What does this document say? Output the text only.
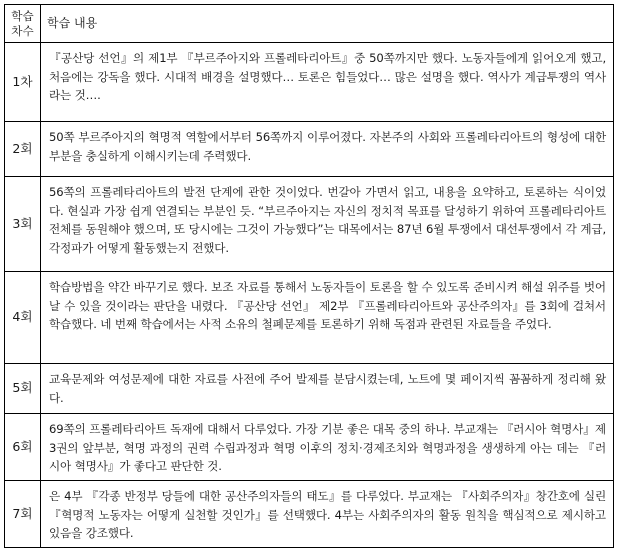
학습
차수	학습 내용
1차	『공산당 선언』의 제1부 『부르주아지와 프롤레타리아트』중 50쪽까지만 했다. 노동자들에게 읽어오게 했고, 처음에는 강독을 했다. 시대적 배경을 설명했다… 토론은 힘들었다… 많은 설명을 했다. 역사가 계급투쟁의 역사라는 것….
2회	50쪽 부르주아지의 혁명적 역할에서부터 56쪽까지 이루어졌다. 자본주의 사회와 프롤레타리아트의 형성에 대한 부분을 충실하게 이해시키는데 주력했다.
3회	56쪽의 프롤레타리아트의 발전 단계에 관한 것이었다. 번갈아 가면서 읽고, 내용을 요약하고, 토론하는 식이었다. 현실과 가장 쉽게 연결되는 부분인 듯. “부르주아지는 자신의 정치적 목표를 달성하기 위하여 프롤레타리아트 전체를 동원해야 했으며, 또 당시에는 그것이 가능했다”는 대목에서는 87년 6월 투쟁에서 대선투쟁에서 각 계급, 각정파가 어떻게 활동했는지 전했다.
4회	학습방법을 약간 바꾸기로 했다. 보조 자료를 통해서 노동자들이 토론을 할 수 있도록 준비시켜 해설 위주를 벗어날 수 있을 것이라는 판단을 내렸다. 『공산당 선언』 제2부 『프롤레타리아트와 공산주의자』를 3회에 걸쳐서 학습했다. 네 번째 학습에서는 사적 소유의 철폐문제를 토론하기 위해 독점과 관련된 자료들을 주었다.
5회	교육문제와 여성문제에 대한 자료를 사전에 주어 발제를 분담시켰는데, 노트에 몇 페이지씩 꼼꼼하게 정리해 왔다.
6회	69쪽의 프롤레타리아트 독재에 대해서 다루었다. 가장 기분 좋은 대목 중의 하나. 부교재는 『러시아 혁명사』제3권의 앞부분, 혁명 과정의 권력 수립과정과 혁명 이후의 정치·경제조치와 혁명과정을 생생하게 아는 데는 『러시아 혁명사』가 좋다고 판단한 것.
7회	은 4부 『각종 반정부 당들에 대한 공산주의자들의 태도』를 다루었다. 부교재는 『사회주의자』창간호에 실린『혁명적 노동자는 어떻게 실천할 것인가』를 선택했다. 4부는 사회주의자의 활동 원칙을 핵심적으로 제시하고 있음을 강조했다.
